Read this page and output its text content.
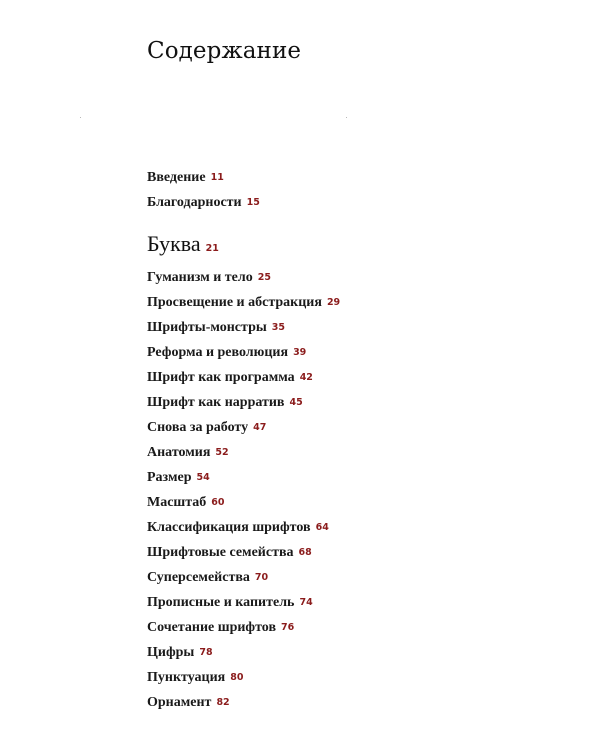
Содержание
Введение 11
Благодарности 15
Буква 21
Гуманизм и тело 25
Просвещение и абстракция 29
Шрифты-монстры 35
Реформа и революция 39
Шрифт как программа 42
Шрифт как нарратив 45
Снова за работу 47
Анатомия 52
Размер 54
Масштаб 60
Классификация шрифтов 64
Шрифтовые семейства 68
Суперсемейства 70
Прописные и капитель 74
Сочетание шрифтов 76
Цифры 78
Пунктуация 80
Орнамент 82
